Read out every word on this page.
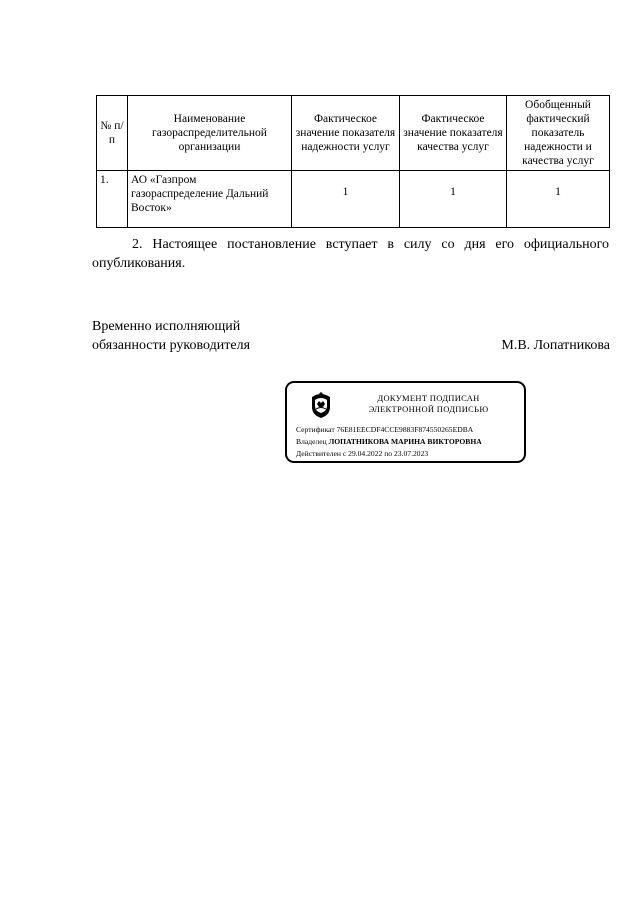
№ п/п	Наименование газораспределительной организации	Фактическое значение показателя надежности услуг	Фактическое значение показателя качества услуг	Обобщенный фактический показатель надежности и качества услуг
1.	АО «Газпром газораспределение Дальний Восток»	1	1	1

2. Настоящее постановление вступает в силу со дня его официального опубликования.

Временно исполняющий
обязанности руководителя	М.В. Лопатникова
ДОКУМЕНТ ПОДПИСАН
ЭЛЕКТРОННОЙ ПОДПИСЬЮ
Сертификат 76E81EECDF4CCE9883F874550265EDBA
Владелец ЛОПАТНИКОВА МАРИНА ВИКТОРОВНА
Действителен с 29.04.2022 по 23.07.2023
